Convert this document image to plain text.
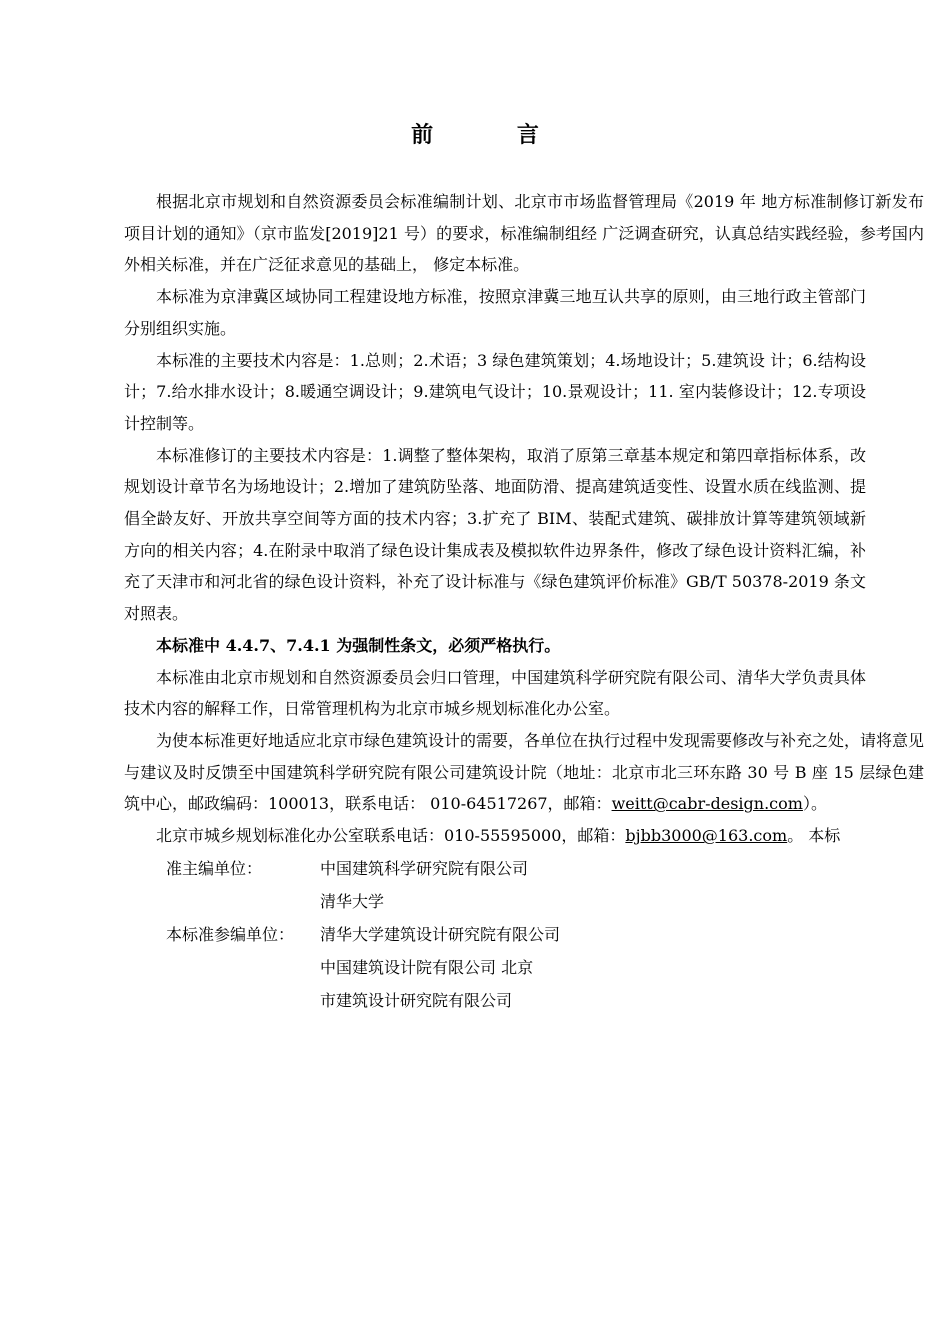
前 言

根据北京市规划和自然资源委员会标准编制计划、北京市市场监督管理局《2019 年 地方标准制修订新发布项目计划的通知》（京市监发[2019]21 号）的要求，标准编制组经 广泛调查研究，认真总结实践经验，参考国内外相关标准，并在广泛征求意见的基础上， 修定本标准。

本标准为京津冀区域协同工程建设地方标准，按照京津冀三地互认共享的原则，由三地行政主管部门分别组织实施。

本标准的主要技术内容是：1.总则；2.术语；3 绿色建筑策划；4.场地设计；5.建筑设 计；6.结构设计；7.给水排水设计；8.暖通空调设计；9.建筑电气设计；10.景观设计；11. 室内装修设计；12.专项设计控制等。

本标准修订的主要技术内容是：1.调整了整体架构，取消了原第三章基本规定和第四章指标体系，改规划设计章节名为场地设计；2.增加了建筑防坠落、地面防滑、提高建筑适变性、设置水质在线监测、提倡全龄友好、开放共享空间等方面的技术内容；3.扩充了 BIM、装配式建筑、碳排放计算等建筑领域新方向的相关内容；4.在附录中取消了绿色设计集成表及模拟软件边界条件，修改了绿色设计资料汇编，补充了天津市和河北省的绿色设计资料，补充了设计标准与《绿色建筑评价标准》GB/T 50378-2019 条文对照表。

本标准中 4.4.7、7.4.1 为强制性条文，必须严格执行。

本标准由北京市规划和自然资源委员会归口管理，中国建筑科学研究院有限公司、清华大学负责具体技术内容的解释工作，日常管理机构为北京市城乡规划标准化办公室。

为使本标准更好地适应北京市绿色建筑设计的需要，各单位在执行过程中发现需要修改与补充之处，请将意见与建议及时反馈至中国建筑科学研究院有限公司建筑设计院（地址：北京市北三环东路 30 号 B 座 15 层绿色建筑中心，邮政编码：100013，联系电话： 010-64517267，邮箱：weitt@cabr-design.com）。

北京市城乡规划标准化办公室联系电话：010-55595000，邮箱：bjbb3000@163.com。 本标

准主编单位：	中国建筑科学研究院有限公司
清华大学
本标准参编单位：	清华大学建筑设计研究院有限公司
中国建筑设计院有限公司 北京
市建筑设计研究院有限公司
